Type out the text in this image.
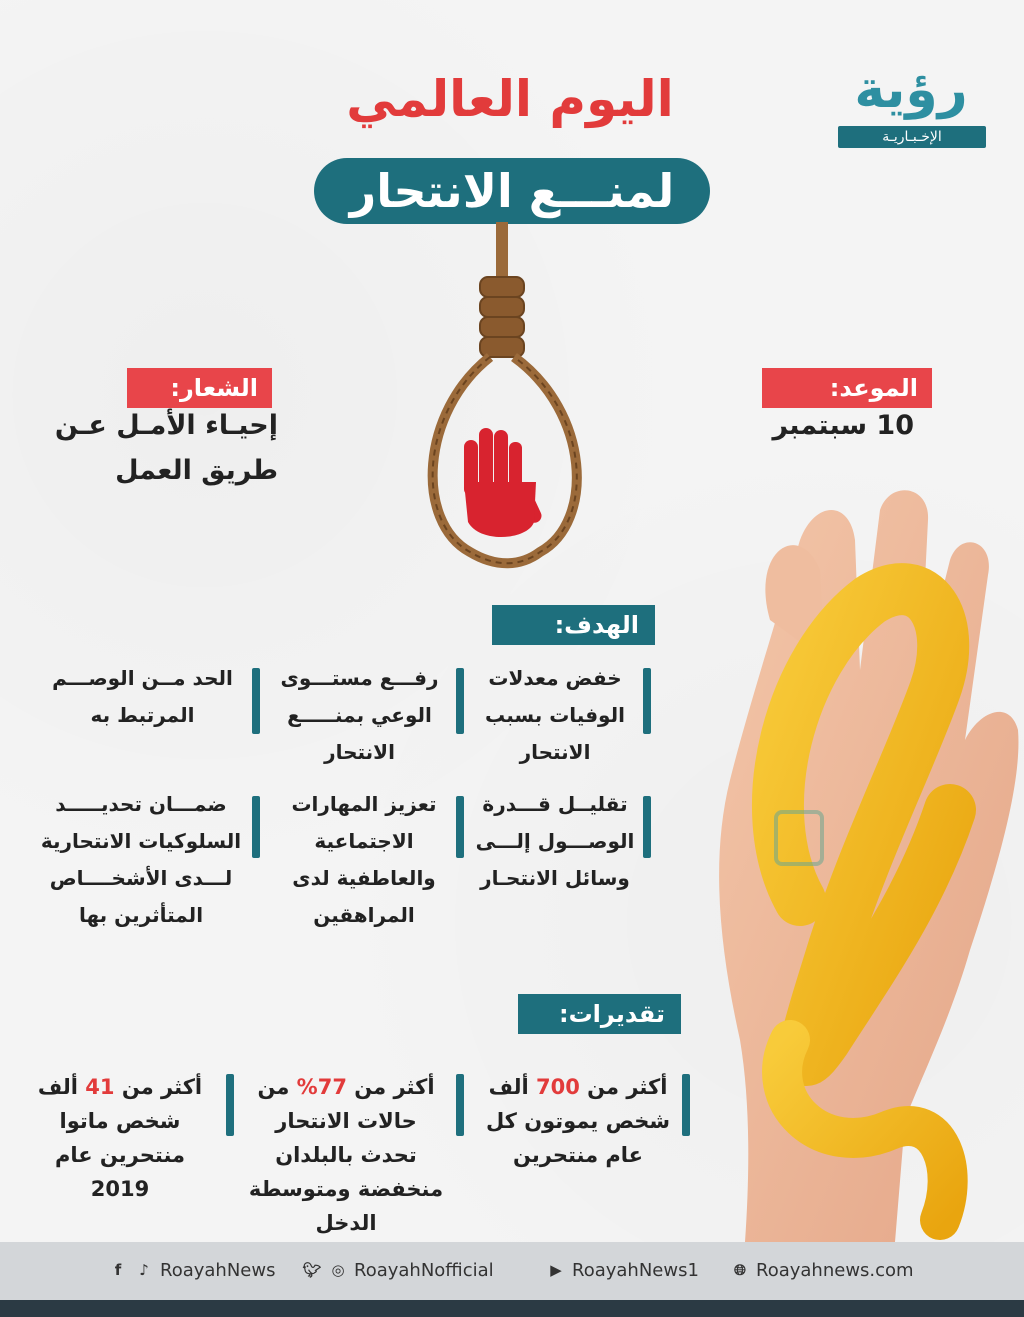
رؤية
الإخـبـاريـة
اليوم العالمي
لمنـــع الانتحار
الشعار:
إحيـاء الأمـل عـن
طريق العمل
الموعد:
10 سبتمبر
الهدف:
خفض معدلات الوفيات بسبب الانتحار
رفـــع مستـــوى الوعي بمنـــــع الانتحار
الحد مــن الوصـــم المرتبط به
تقليــل قـــدرة الوصـــول إلـــى وسائل الانتحـار
تعزيز المهارات الاجتماعية والعاطفية لدى المراهقين
ضمـــان تحديـــــد السلوكيات الانتحارية لـــدى الأشخــــاص المتأثرين بها
تقديرات:
أكثر من 700 ألف
شخص يموتون كل عام منتحرين
أكثر من 77% من
حالات الانتحار تحدث بالبلدان منخفضة ومتوسطة الدخل
أكثر من 41 ألف
شخص ماتوا منتحرين عام 2019
🌐︎ Roayahnews.com
▶ RoayahNews1
🐦︎ ◎ RoayahNofficial
f	♪ RoayahNews
